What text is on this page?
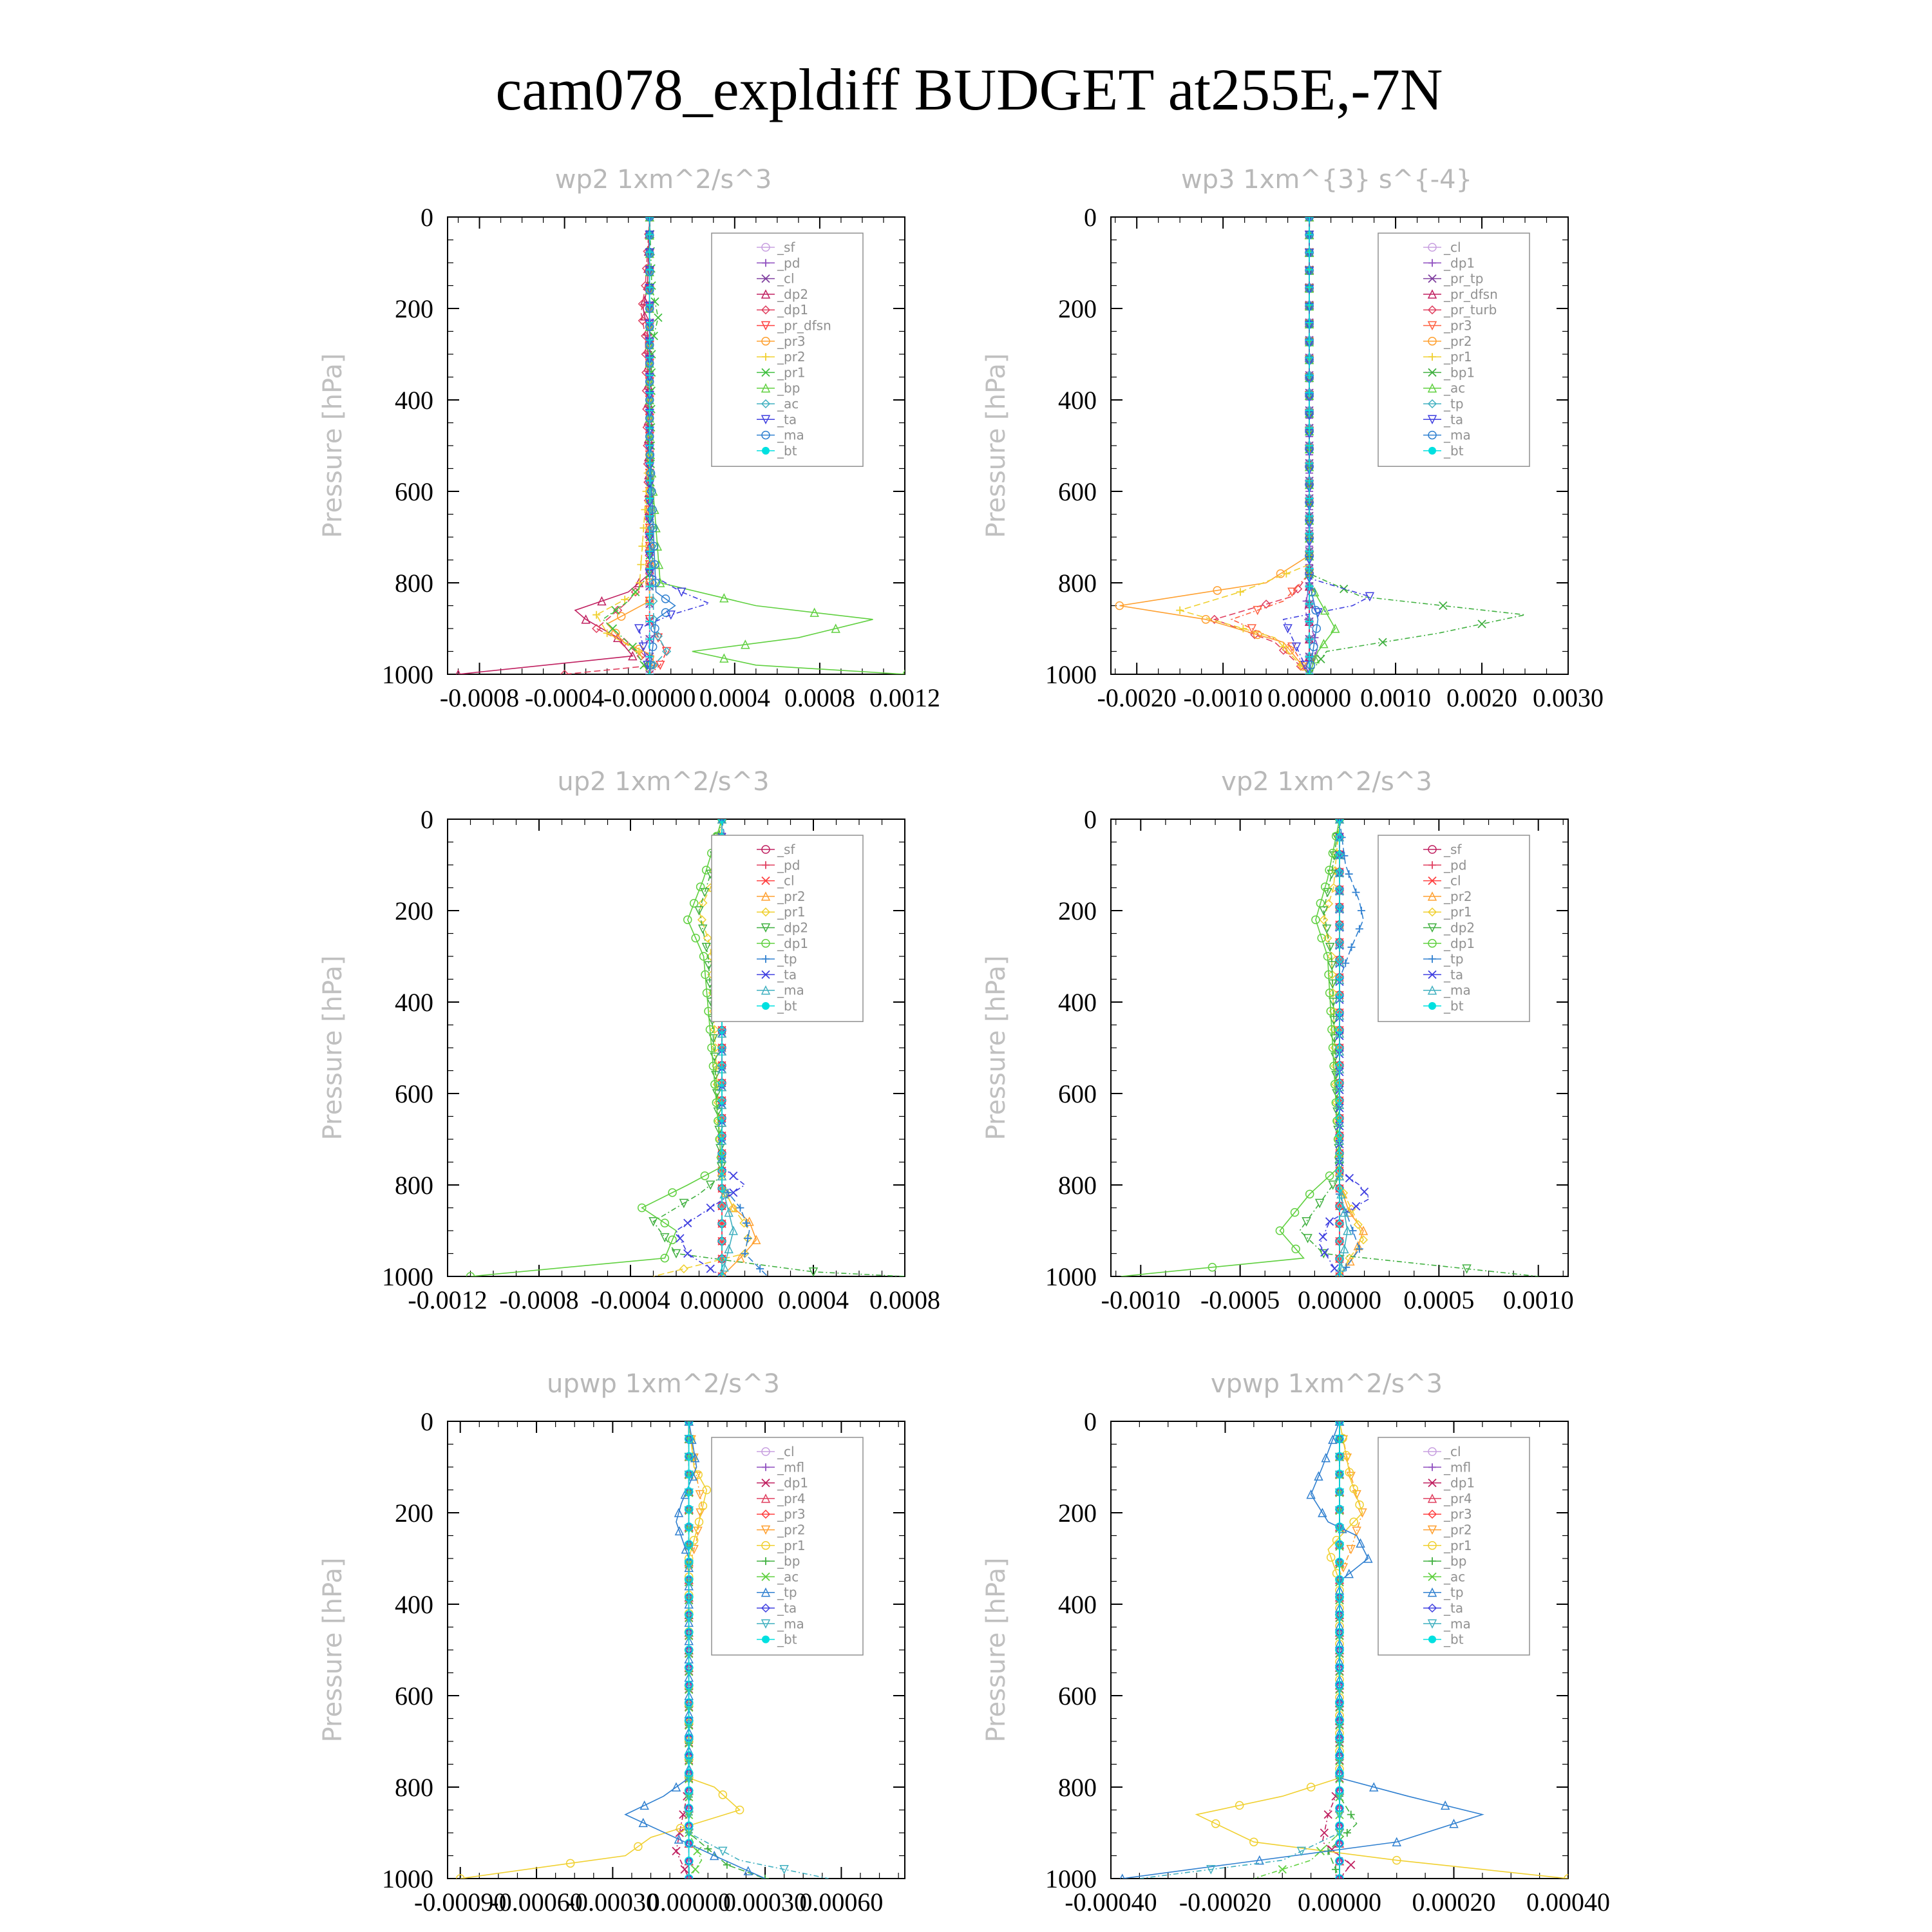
cam078_expldiff BUDGET at255E,-7N
wp2 1xm^2/s^3
0
200
400
600
800
1000
-0.0008 -0.0004
-0.00000 0.0004 0.0008 0.0012
Pressure [hPa]
_sf
_pd
_cl
_dp2
_dp1
_pr_dfsn
_pr3
_pr2
_pr1
_bp
_ac
_ta
_ma
_bt
wp3 1xm^{3} s^{-4}
0
200
400
600
800
1000
-0.0020 -0.0010 0.00000 0.0010 0.0020 0.0030
Pressure [hPa]
_cl
_dp1
_pr_tp
_pr_dfsn
_pr_turb
_pr3
_pr2
_pr1
_bp1
_ac
_tp
_ta
_ma
_bt
up2 1xm^2/s^3
0
200
400
600
800
1000
-0.0012 -0.0008 -0.0004 0.00000 0.0004 0.0008
Pressure [hPa]
_sf
_pd
_cl
_pr2
_pr1
_dp2
_dp1
_tp
_ta
_ma
_bt
vp2 1xm^2/s^3
0
200
400
600
800
1000
-0.0010 -0.0005 0.00000 0.0005 0.0010
Pressure [hPa]
_sf
_pd
_cl
_pr2
_pr1
_dp2
_dp1
_tp
_ta
_ma
_bt
upwp 1xm^2/s^3
0
200
400
600
800
1000
-0.00090
-0.00060
-0.00030
0.00000
0.00030
0.00060
Pressure [hPa]
_cl
_mfl
_dp1
_pr4
_pr3
_pr2
_pr1
_bp
_ac
_tp
_ta
_ma
_bt
vpwp 1xm^2/s^3
0
200
400
600
800
1000
-0.00040 -0.00020 0.00000 0.00020 0.00040
Pressure [hPa]
_cl
_mfl
_dp1
_pr4
_pr3
_pr2
_pr1
_bp
_ac
_tp
_ta
_ma
_bt
